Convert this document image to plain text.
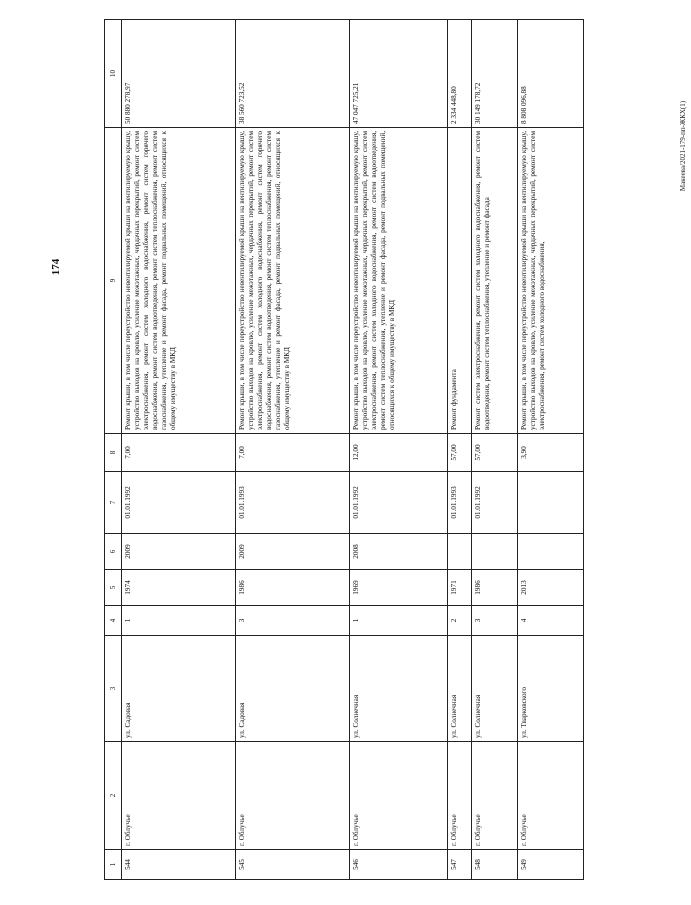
174
Макеева/2021-179-пп-ЖКХ(1)
1	2	3	4	5	6	7	8	9	10
544	г. Облучье	ул. Садовая	1	1974	2009	01.01.1992	7,00	Ремонт крыши, в том числе переустройство невентилируемой крыши на вентилируемую крышу, устройство выходов на кровлю, усиление межэтажных, чердачных перекрытий, ремонт систем электроснабжения, ремонт систем холодного водоснабжения, ремонт систем горячего водоснабжения, ремонт систем водоотведения, ремонт систем теплоснабжения, ремонт систем газоснабжения, утепление и ремонт фасада, ремонт подвальных помещений, относящихся к общему имуществу в МКД	50 880 278,97
545	г. Облучье	ул. Садовая	3	1986	2009	01.01.1993	7,00	Ремонт крыши, в том числе переустройство невентилируемой крыши на вентилируемую крышу, устройство выходов на кровлю, усиление межэтажных, чердачных перекрытий, ремонт систем электроснабжения, ремонт систем холодного водоснабжения, ремонт систем горячего водоснабжения, ремонт систем водоотведения, ремонт систем теплоснабжения, ремонт систем газоснабжения, утепление и ремонт фасада, ремонт подвальных помещений, относящихся к общему имуществу в МКД	38 560 723,52
546	г. Облучье	ул. Солнечная	1	1969	2008	01.01.1992	12,00	Ремонт крыши, в том числе переустройство невентилируемой крыши на вентилируемую крышу, устройство выходов на кровлю, усиление межэтажных, чердачных перекрытий, ремонт систем электроснабжения, ремонт систем холодного водоснабжения, ремонт систем водоотведения, ремонт систем теплоснабжения, утепление и ремонт фасада, ремонт подвальных помещений, относящихся к общему имуществу в МКД	47 047 725,21
547	г. Облучье	ул. Солнечная	2	1971		01.01.1993	57,00	Ремонт фундамента	2 334 448,80
548	г. Облучье	ул. Солнечная	3	1986		01.01.1992	57,00	Ремонт систем электроснабжения, ремонт систем холодного водоснабжения, ремонт систем водоотведения, ремонт систем теплоснабжения, утепление и ремонт фасада	30 149 178,72
549	г. Облучье	ул. Тварковского	4	2013			3,90	Ремонт крыши, в том числе переустройство невентилируемой крыши на вентилируемую крышу, устройство выходов на кровлю, усиление межэтажных, чердачных перекрытий, ремонт систем электроснабжения, ремонт систем холодного водоснабжения,	8 808 096,88
